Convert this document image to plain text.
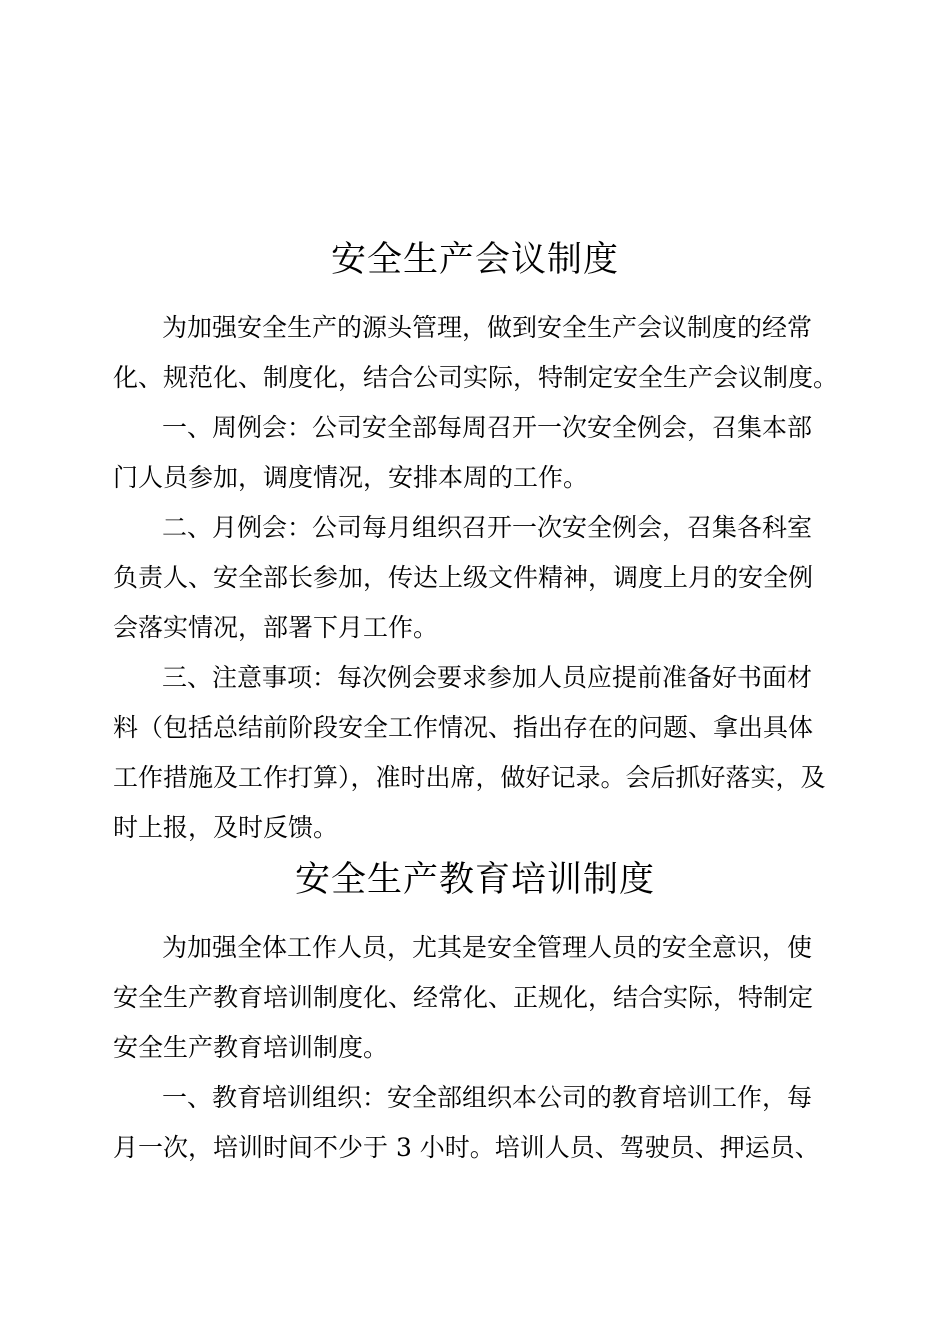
安全生产会议制度
为加强安全生产的源头管理，做到安全生产会议制度的经常
化、规范化、制度化，结合公司实际，特制定安全生产会议制度。
一、周例会：公司安全部每周召开一次安全例会，召集本部
门人员参加，调度情况，安排本周的工作。
二、月例会：公司每月组织召开一次安全例会，召集各科室
负责人、安全部长参加，传达上级文件精神，调度上月的安全例
会落实情况，部署下月工作。
三、注意事项：每次例会要求参加人员应提前准备好书面材
料（包括总结前阶段安全工作情况、指出存在的问题、拿出具体
工作措施及工作打算），准时出席，做好记录。会后抓好落实，及
时上报，及时反馈。
安全生产教育培训制度
为加强全体工作人员，尤其是安全管理人员的安全意识，使
安全生产教育培训制度化、经常化、正规化，结合实际，特制定
安全生产教育培训制度。
一、教育培训组织：安全部组织本公司的教育培训工作，每
月一次，培训时间不少于 3 小时。培训人员、驾驶员、押运员、
